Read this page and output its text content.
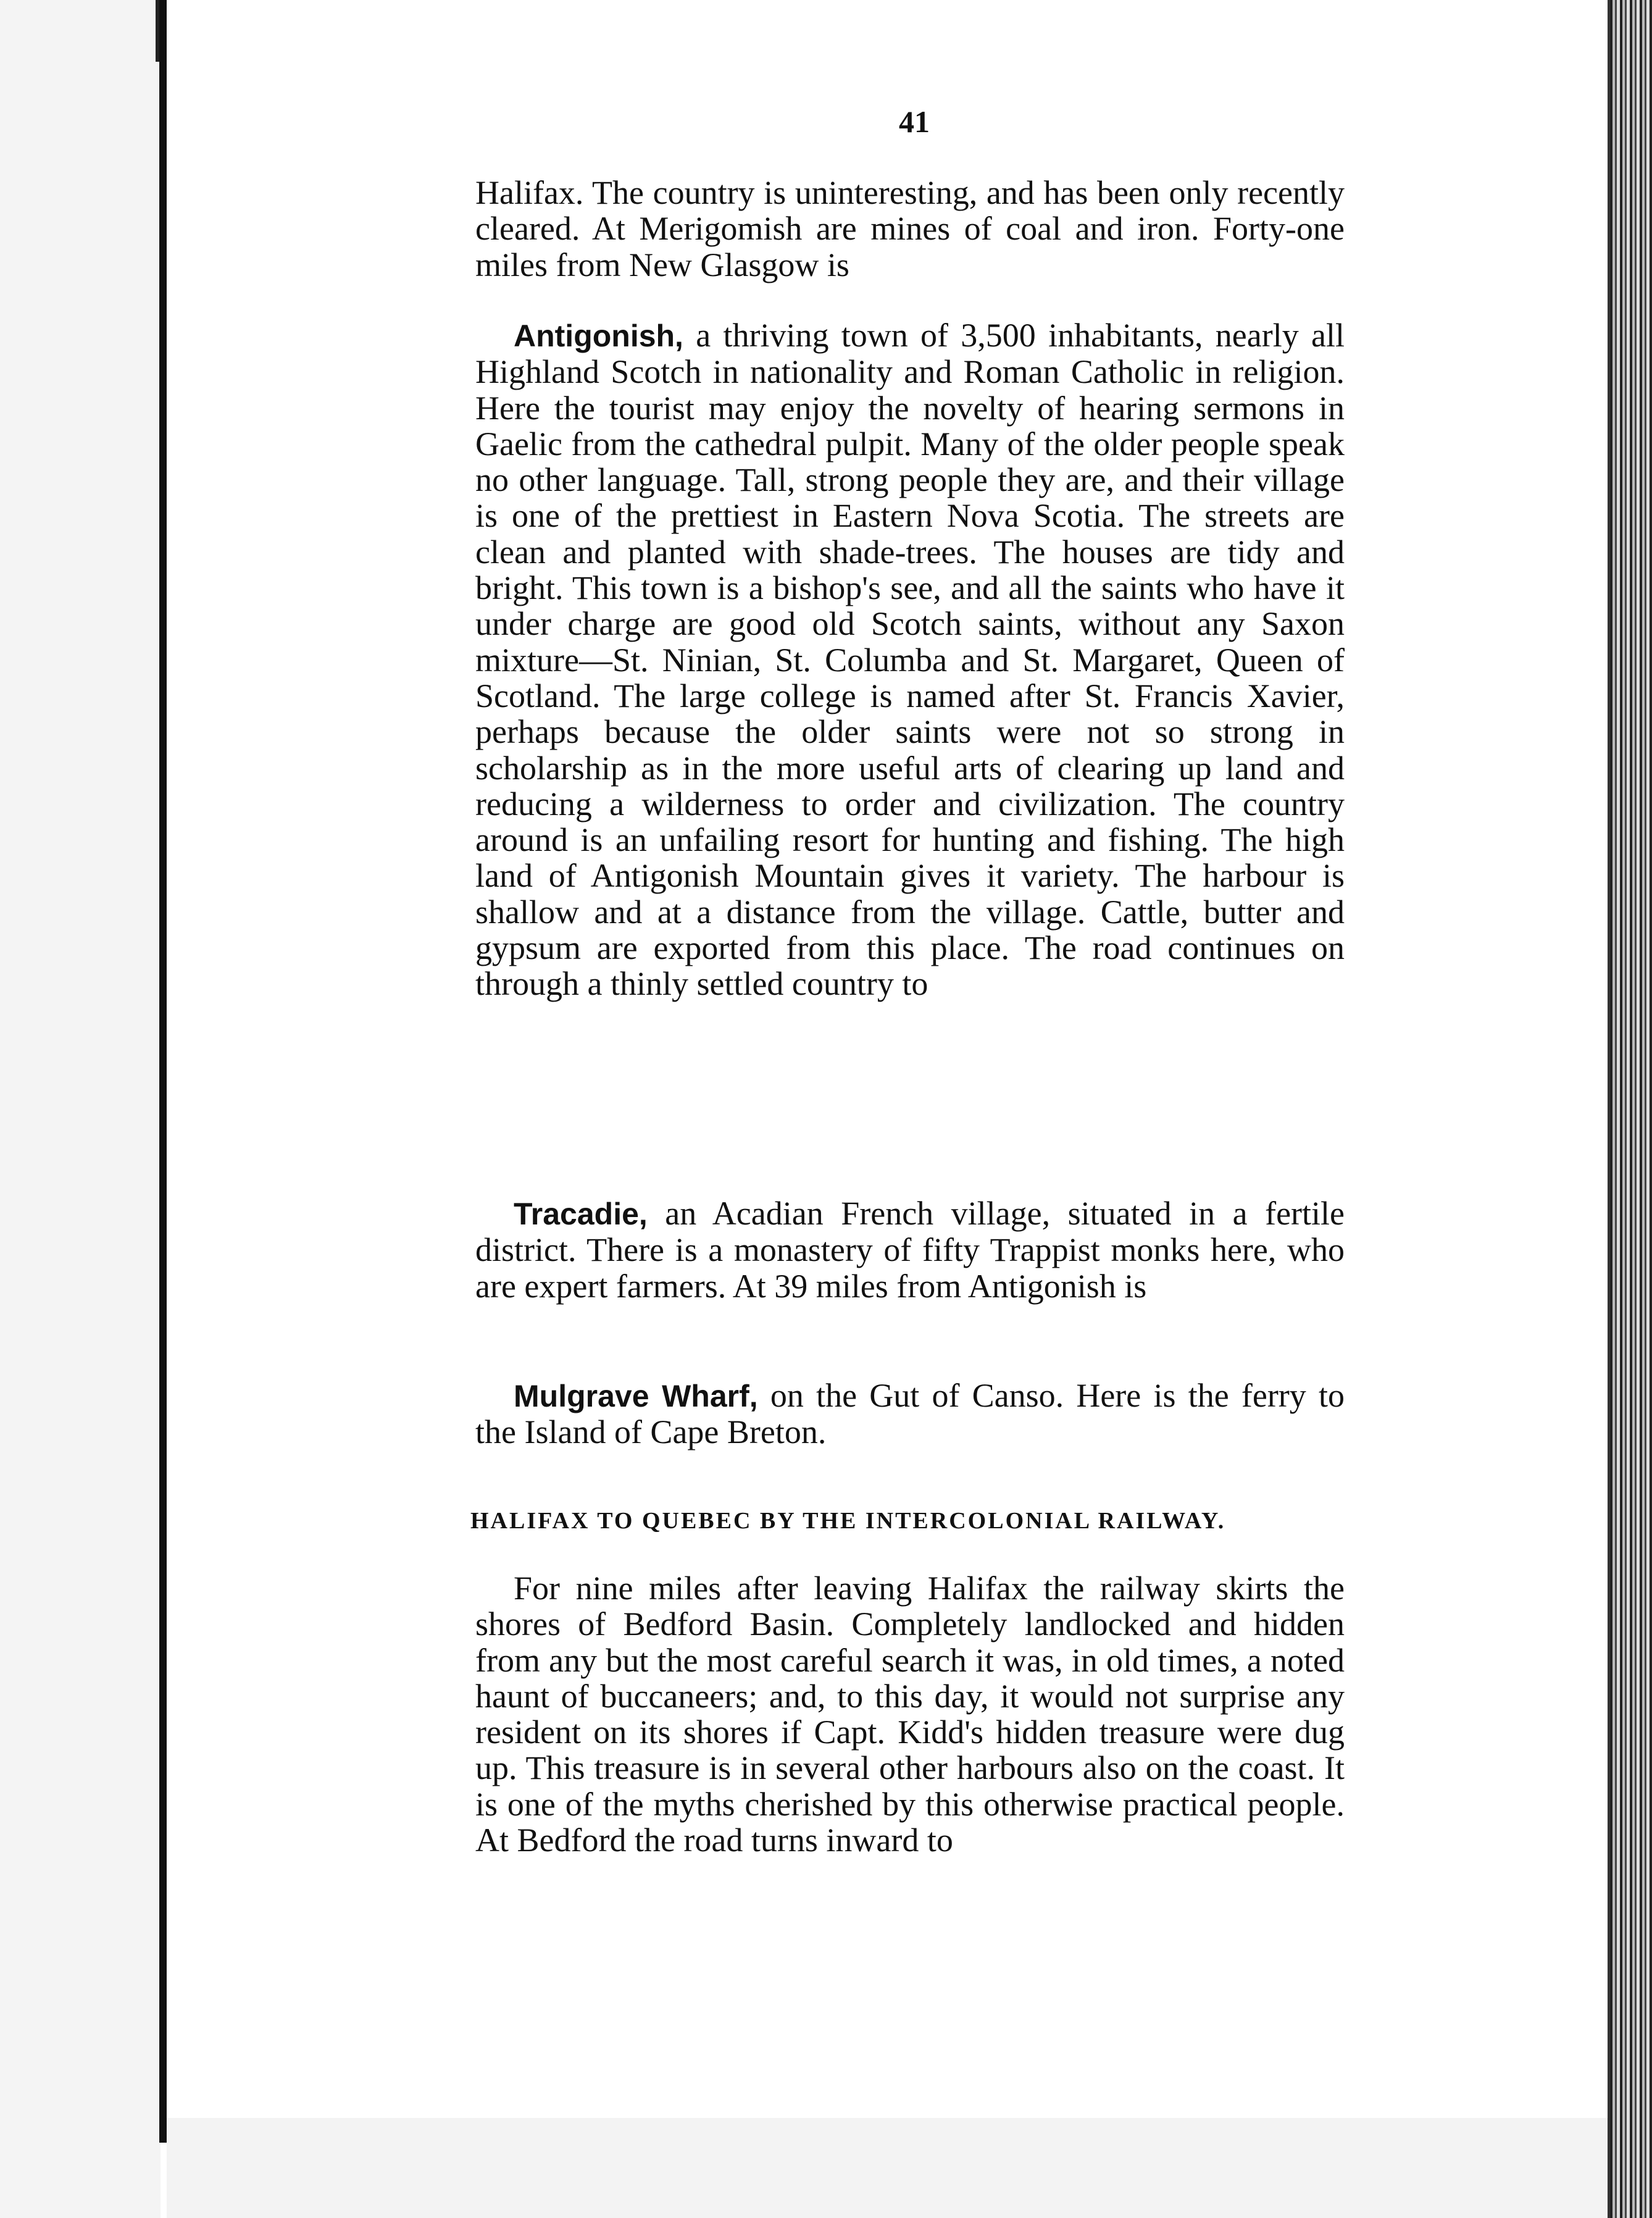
41

Halifax. The country is uninteresting, and has been only recently cleared. At Merigomish are mines of coal and iron. Forty-one miles from New Glasgow is

Antigonish, a thriving town of 3,500 inhabitants, nearly all Highland Scotch in nationality and Roman Catholic in religion. Here the tourist may enjoy the novelty of hearing sermons in Gaelic from the cathedral pulpit. Many of the older people speak no other language. Tall, strong people they are, and their village is one of the prettiest in Eastern Nova Scotia. The streets are clean and planted with shade-trees. The houses are tidy and bright. This town is a bishop's see, and all the saints who have it under charge are good old Scotch saints, without any Saxon mixture—St. Ninian, St. Columba and St. Margaret, Queen of Scotland. The large college is named after St. Francis Xavier, perhaps because the older saints were not so strong in scholarship as in the more useful arts of clearing up land and reducing a wilderness to order and civilization. The country around is an unfailing resort for hunting and fishing. The high land of Antigonish Mountain gives it variety. The harbour is shallow and at a distance from the village. Cattle, butter and gypsum are exported from this place. The road continues on through a thinly settled country to

Tracadie, an Acadian French village, situated in a fertile district. There is a monastery of fifty Trappist monks here, who are expert farmers. At 39 miles from Antigonish is

Mulgrave Wharf, on the Gut of Canso. Here is the ferry to the Island of Cape Breton.

HALIFAX TO QUEBEC BY THE INTERCOLONIAL RAILWAY.

For nine miles after leaving Halifax the railway skirts the shores of Bedford Basin. Completely landlocked and hidden from any but the most careful search it was, in old times, a noted haunt of buccaneers; and, to this day, it would not surprise any resident on its shores if Capt. Kidd's hidden treasure were dug up. This treasure is in several other harbours also on the coast. It is one of the myths cherished by this otherwise practical people. At Bedford the road turns inward to
